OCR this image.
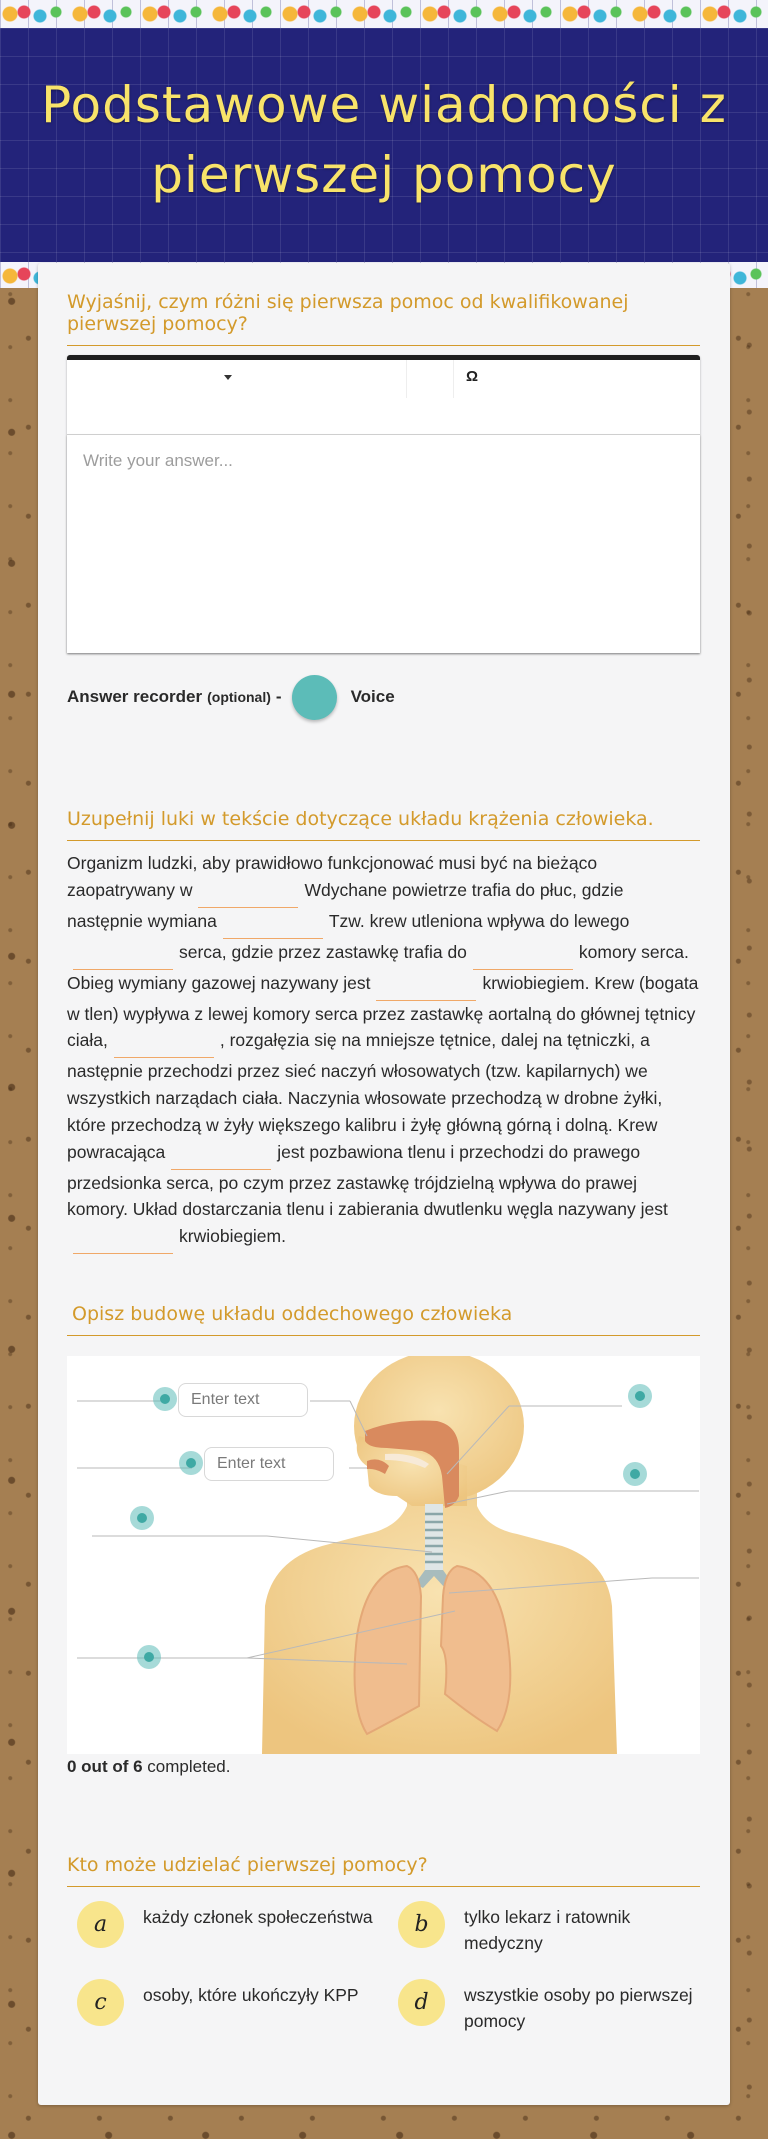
Podstawowe wiadomości z pierwszej pomocy
Wyjaśnij, czym różni się pierwsza pomoc od kwalifikowanej pierwszej pomocy?
Ω
Write your answer...
Answer recorder (optional) -	Voice
Uzupełnij luki w tekście dotyczące układu krążenia człowieka.

Organizm ludzki, aby prawidłowo funkcjonować musi być na bieżąco zaopatrywany w	Wdychane powietrze trafia do płuc, gdzie następnie wymiana	Tzw. krew utleniona wpływa do lewegoserca, gdzie przez zastawkę trafia do	komory serca. Obieg wymiany gazowej nazywany jest	krwiobiegiem. Krew (bogata w tlen) wypływa z lewej komory serca przez zastawkę aortalną do głównej tętnicy ciała,	, rozgałęzia się na mniejsze tętnice, dalej na tętniczki, a następnie przechodzi przez sieć naczyń włosowatych (tzw. kapilarnych) we wszystkich narządach ciała. Naczynia włosowate przechodzą w drobne żyłki, które przechodzą w żyły większego kalibru i żyłę główną górną i dolną. Krew powracająca	jest pozbawiona tlenu i przechodzi do prawego przedsionka serca, po czym przez zastawkę trójdzielną wpływa do prawej komory. Układ dostarczania tlenu i zabierania dwutlenku węgla nazywany jestkrwiobiegiem.

Opisz budowę układu oddechowego człowieka
Enter text
Enter text

0 out of 6 completed.

Kto może udzielać pierwszej pomocy?
a	każdy członek społeczeństwa	b	tylko lekarz i ratownik medyczny
c	osoby, które ukończyły KPP	d	wszystkie osoby po pierwszej pomocy
